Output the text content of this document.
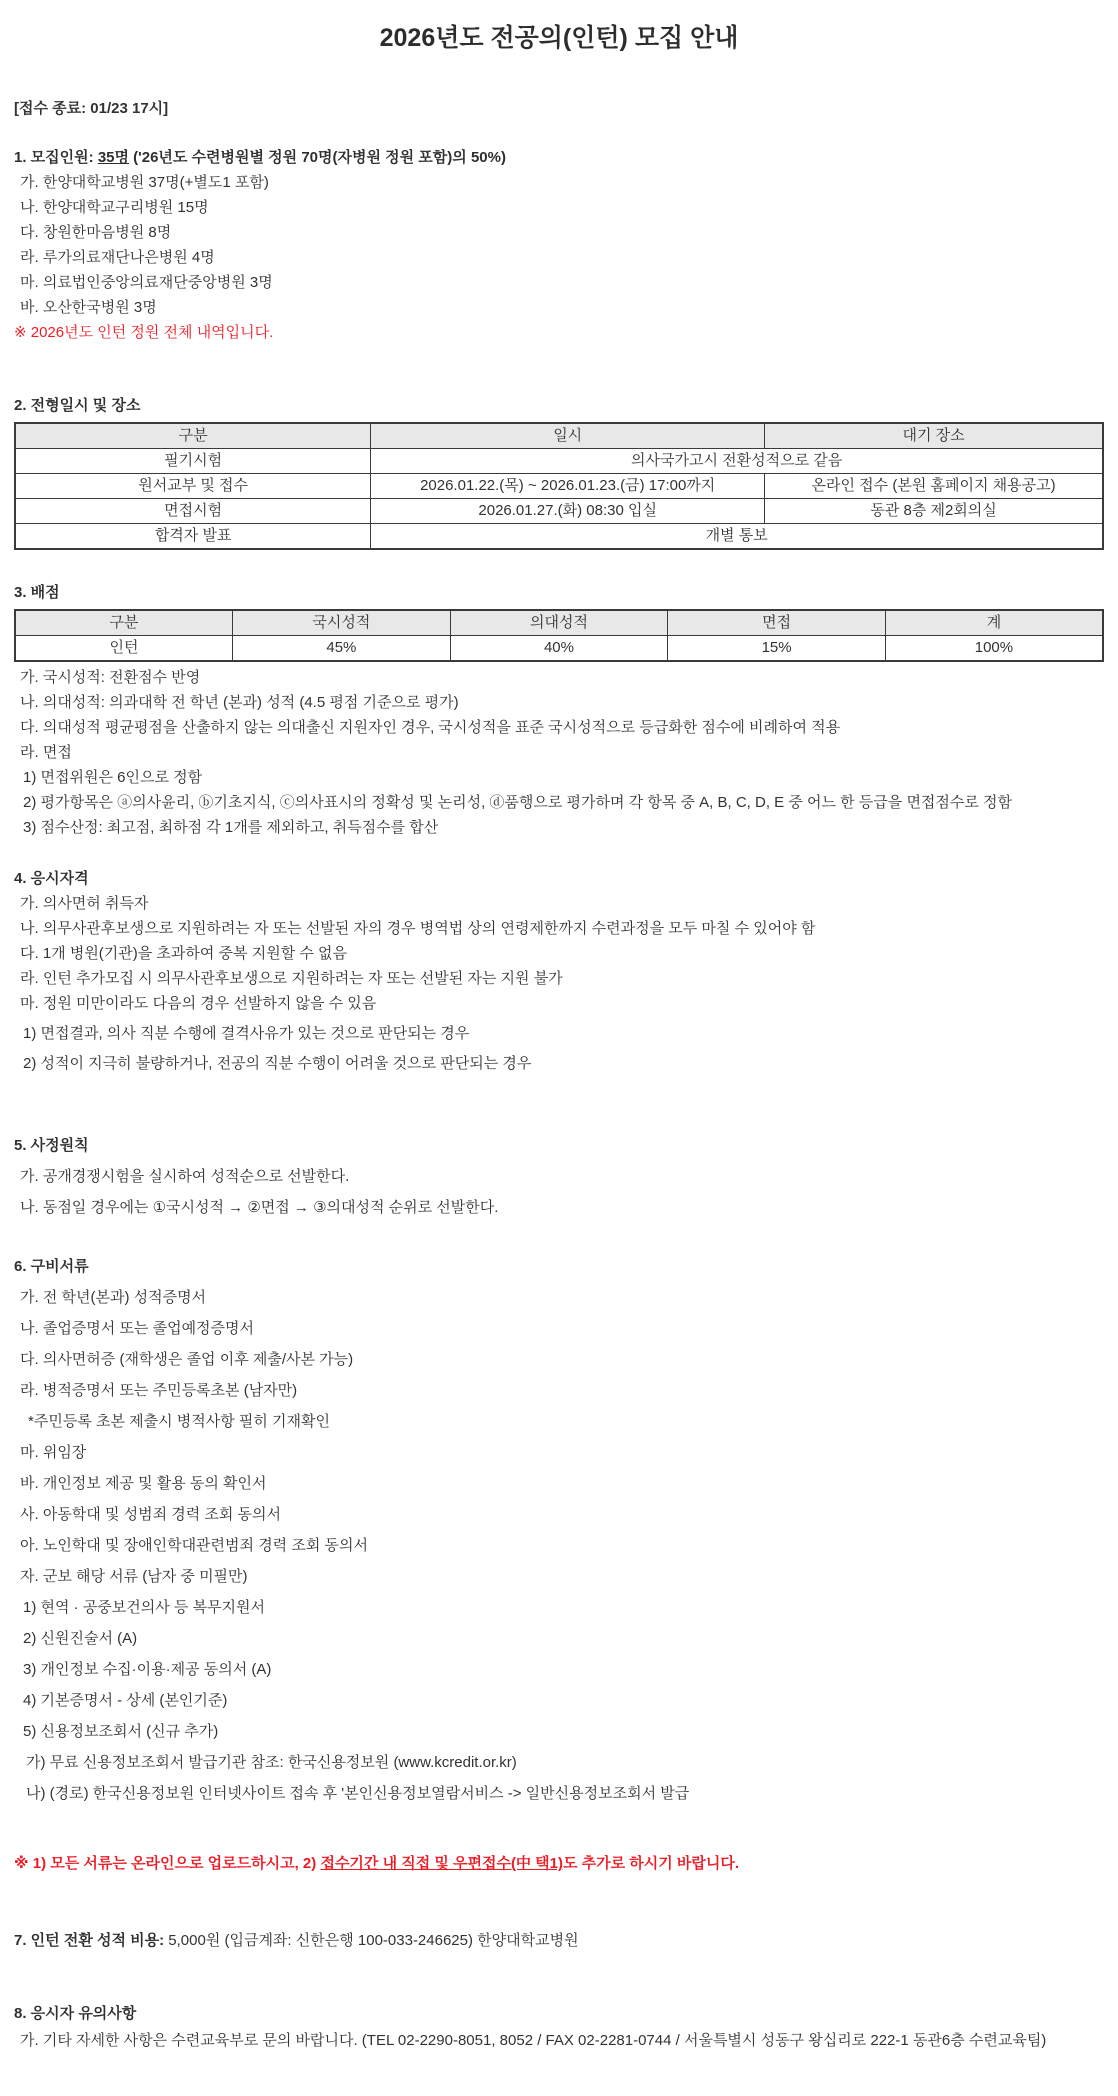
2026년도 전공의(인턴) 모집 안내

[접수 종료: 01/23 17시]

1. 모집인원: 35명 ('26년도 수련병원별 정원 70명(자병원 정원 포함)의 50%)

가. 한양대학교병원 37명(+별도1 포함)

나. 한양대학교구리병원 15명

다. 창원한마음병원 8명

라. 루가의료재단나은병원 4명

마. 의료법인중앙의료재단중앙병원 3명

바. 오산한국병원 3명

※ 2026년도 인턴 정원 전체 내역입니다.

2. 전형일시 및 장소

구분	일시	대기 장소
필기시험	의사국가고시 전환성적으로 같음	
원서교부 및 접수	2026.01.22.(목) ~ 2026.01.23.(금) 17:00까지	온라인 접수 (본원 홈페이지 채용공고)
면접시험	2026.01.27.(화) 08:30 입실	동관 8층 제2회의실
합격자 발표	개별 통보	

3. 배점

구분	국시성적	의대성적	면접	계
인턴	45%	40%	15%	100%

가. 국시성적: 전환점수 반영

나. 의대성적: 의과대학 전 학년 (본과) 성적 (4.5 평점 기준으로 평가)

다. 의대성적 평균평점을 산출하지 않는 의대출신 지원자인 경우, 국시성적을 표준 국시성적으로 등급화한 점수에 비례하여 적용

라. 면접

1) 면접위원은 6인으로 정함

2) 평가항목은 ⓐ의사윤리, ⓑ기초지식, ⓒ의사표시의 정확성 및 논리성, ⓓ품행으로 평가하며 각 항목 중 A, B, C, D, E 중 어느 한 등급을 면접점수로 정함

3) 점수산정: 최고점, 최하점 각 1개를 제외하고, 취득점수를 합산

4. 응시자격

가. 의사면허 취득자

나. 의무사관후보생으로 지원하려는 자 또는 선발된 자의 경우 병역법 상의 연령제한까지 수련과정을 모두 마칠 수 있어야 함

다. 1개 병원(기관)을 초과하여 중복 지원할 수 없음

라. 인턴 추가모집 시 의무사관후보생으로 지원하려는 자 또는 선발된 자는 지원 불가

마. 정원 미만이라도 다음의 경우 선발하지 않을 수 있음

1) 면접결과, 의사 직분 수행에 결격사유가 있는 것으로 판단되는 경우

2) 성적이 지극히 불량하거나, 전공의 직분 수행이 어려울 것으로 판단되는 경우

5. 사정원칙

가. 공개경쟁시험을 실시하여 성적순으로 선발한다.

나. 동점일 경우에는 ①국시성적 → ②면접 → ③의대성적 순위로 선발한다.

6. 구비서류

가. 전 학년(본과) 성적증명서

나. 졸업증명서 또는 졸업예정증명서

다. 의사면허증 (재학생은 졸업 이후 제출/사본 가능)

라. 병적증명서 또는 주민등록초본 (남자만)

*주민등록 초본 제출시 병적사항 필히 기재확인

마. 위임장

바. 개인정보 제공 및 활용 동의 확인서

사. 아동학대 및 성범죄 경력 조회 동의서

아. 노인학대 및 장애인학대관련범죄 경력 조회 동의서

자. 군보 해당 서류 (남자 중 미필만)

1) 현역 · 공중보건의사 등 복무지원서

2) 신원진술서 (A)

3) 개인정보 수집·이용·제공 동의서 (A)

4) 기본증명서 - 상세 (본인기준)

5) 신용정보조회서 (신규 추가)

가) 무료 신용정보조회서 발급기관 참조: 한국신용정보원 (www.kcredit.or.kr)

나) (경로) 한국신용정보원 인터넷사이트 접속 후 '본인신용정보열람서비스 -> 일반신용정보조회서 발급

※ 1) 모든 서류는 온라인으로 업로드하시고, 2) 접수기간 내 직접 및 우편접수(中 택1)도 추가로 하시기 바랍니다.

7. 인턴 전환 성적 비용: 5,000원 (입금계좌: 신한은행 100-033-246625) 한양대학교병원

8. 응시자 유의사항

가. 기타 자세한 사항은 수련교육부로 문의 바랍니다. (TEL 02-2290-8051, 8052 / FAX 02-2281-0744 / 서울특별시 성동구 왕십리로 222-1 동관6층 수련교육팀)
